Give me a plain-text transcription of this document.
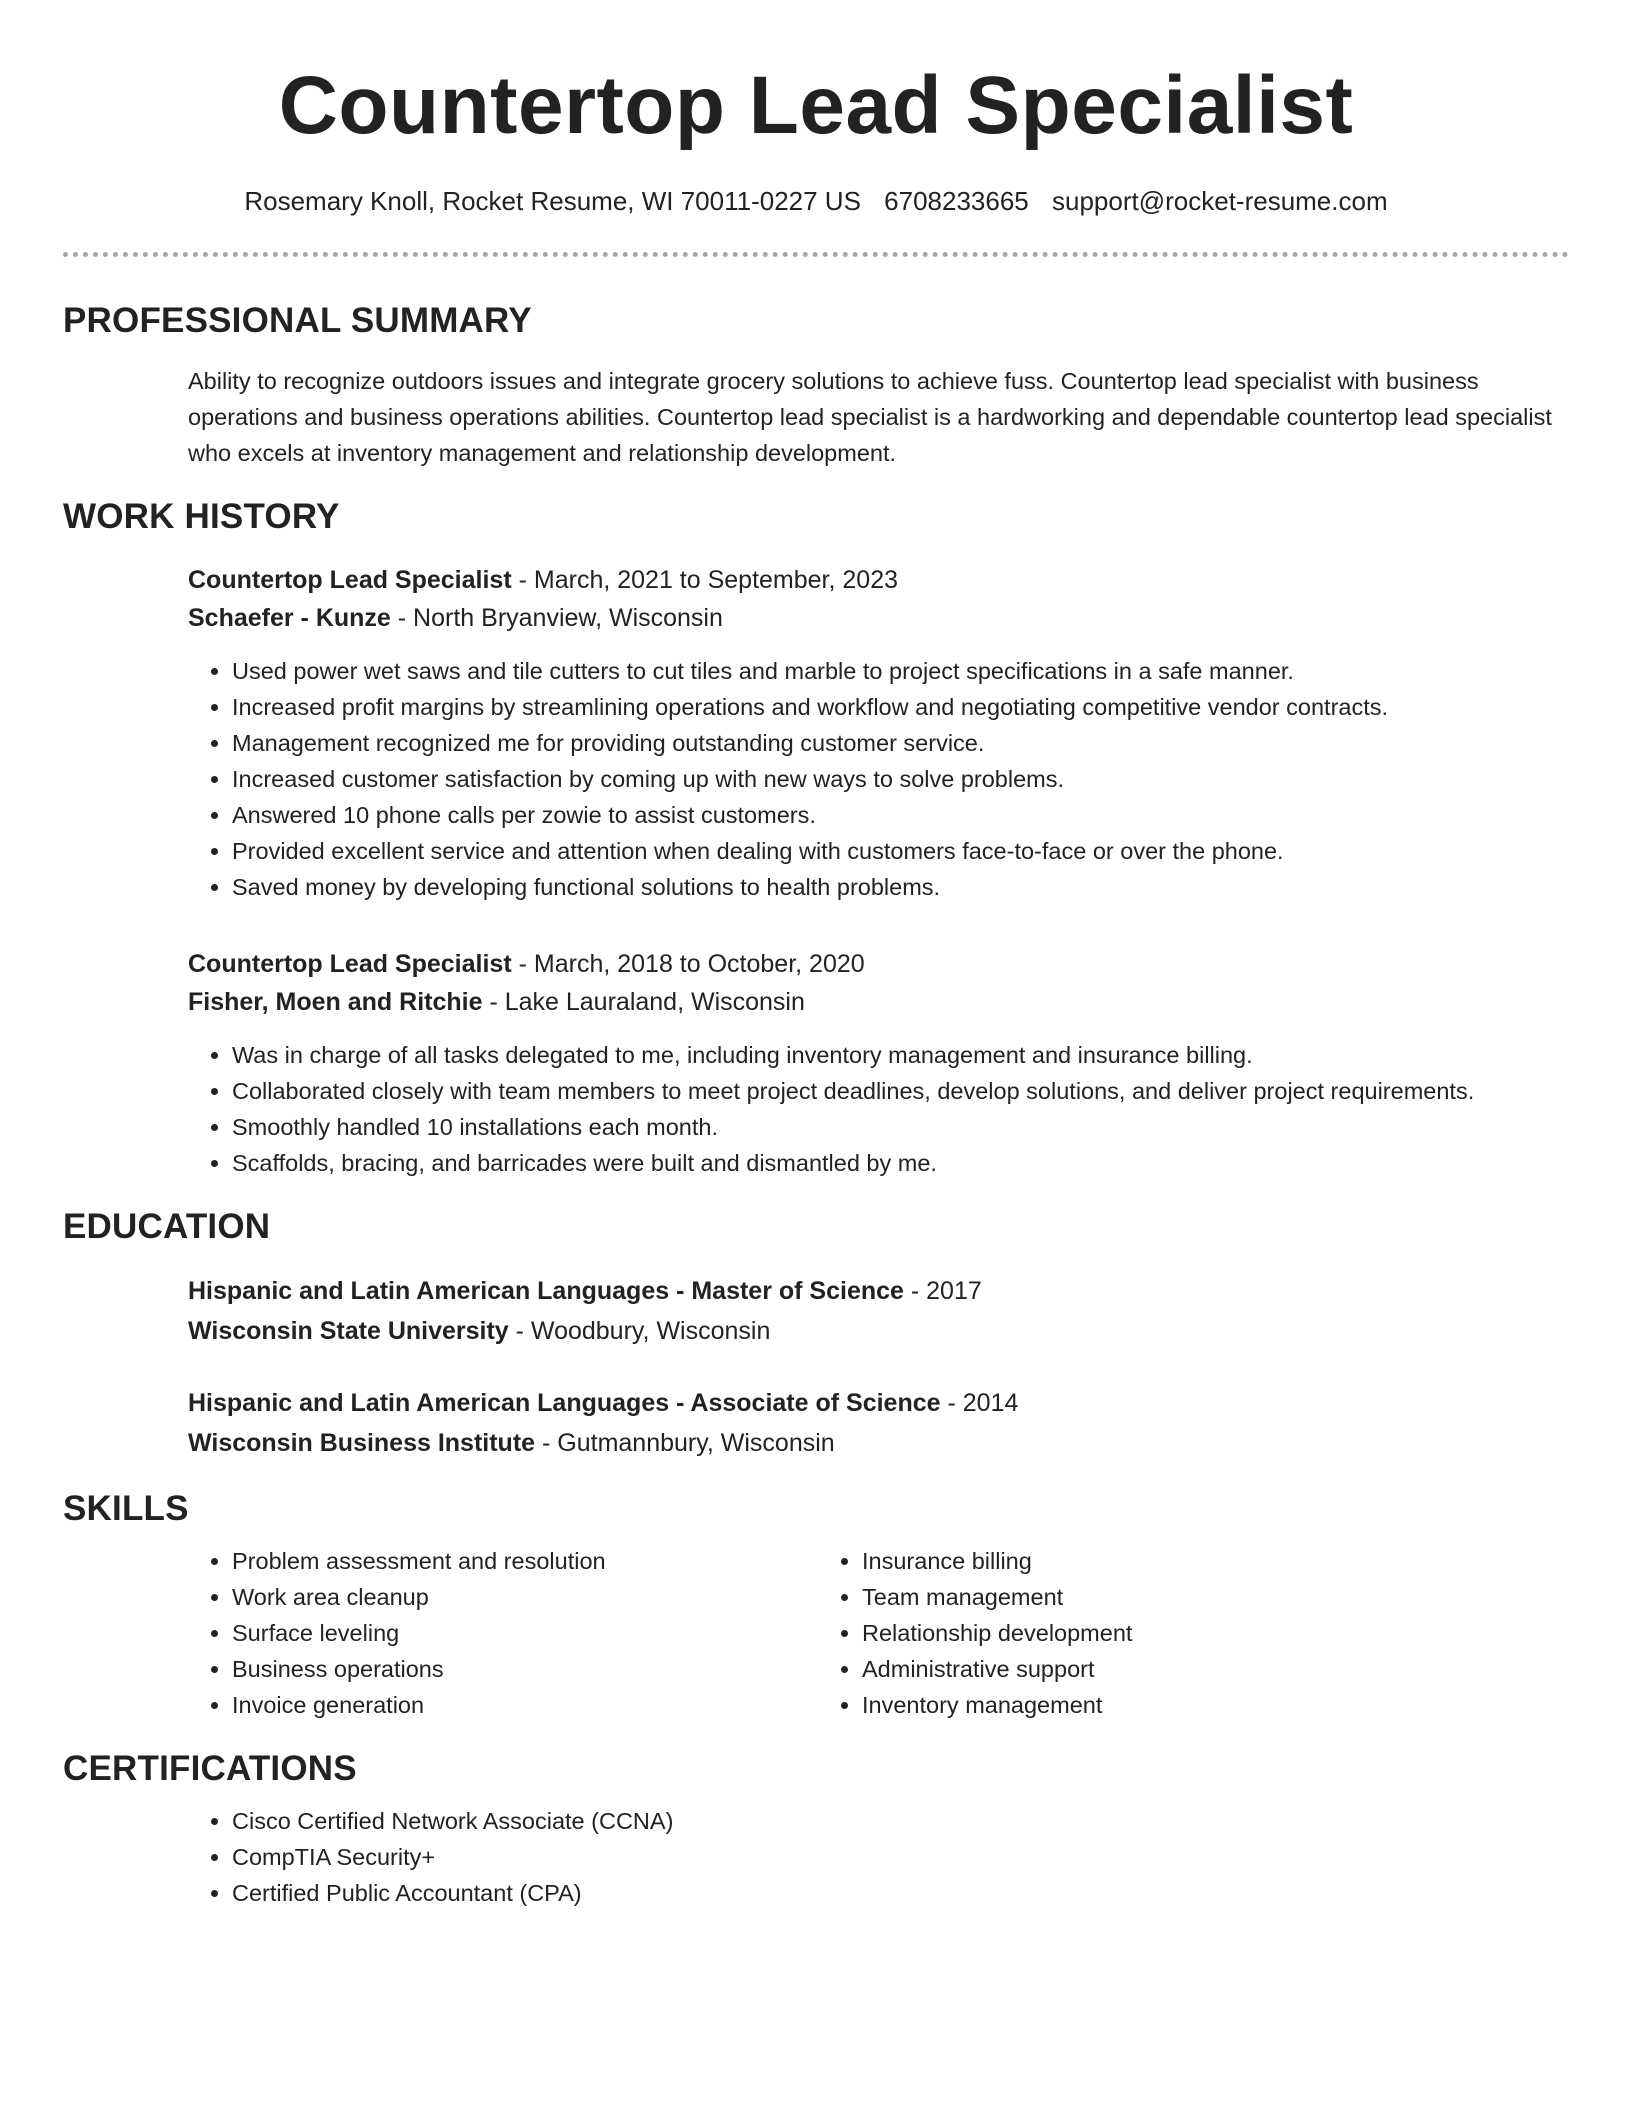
Countertop Lead Specialist
Rosemary Knoll, Rocket Resume, WI 70011-0227 US 6708233665 support@rocket-resume.com
PROFESSIONAL SUMMARY
Ability to recognize outdoors issues and integrate grocery solutions to achieve fuss. Countertop lead specialist with business operations and business operations abilities. Countertop lead specialist is a hardworking and dependable countertop lead specialist who excels at inventory management and relationship development.
WORK HISTORY
Countertop Lead Specialist - March, 2021 to September, 2023
Schaefer - Kunze - North Bryanview, Wisconsin
• Used power wet saws and tile cutters to cut tiles and marble to project specifications in a safe manner.
• Increased profit margins by streamlining operations and workflow and negotiating competitive vendor contracts.
• Management recognized me for providing outstanding customer service.
• Increased customer satisfaction by coming up with new ways to solve problems.
• Answered 10 phone calls per zowie to assist customers.
• Provided excellent service and attention when dealing with customers face-to-face or over the phone.
• Saved money by developing functional solutions to health problems.
Countertop Lead Specialist - March, 2018 to October, 2020
Fisher, Moen and Ritchie - Lake Lauraland, Wisconsin
• Was in charge of all tasks delegated to me, including inventory management and insurance billing.
• Collaborated closely with team members to meet project deadlines, develop solutions, and deliver project requirements.
• Smoothly handled 10 installations each month.
• Scaffolds, bracing, and barricades were built and dismantled by me.
EDUCATION
Hispanic and Latin American Languages - Master of Science - 2017
Wisconsin State University - Woodbury, Wisconsin
Hispanic and Latin American Languages - Associate of Science - 2014
Wisconsin Business Institute - Gutmannbury, Wisconsin
SKILLS
• Problem assessment and resolution
• Work area cleanup
• Surface leveling
• Business operations
• Invoice generation
• Insurance billing
• Team management
• Relationship development
• Administrative support
• Inventory management
CERTIFICATIONS
• Cisco Certified Network Associate (CCNA)
• CompTIA Security+
• Certified Public Accountant (CPA)
